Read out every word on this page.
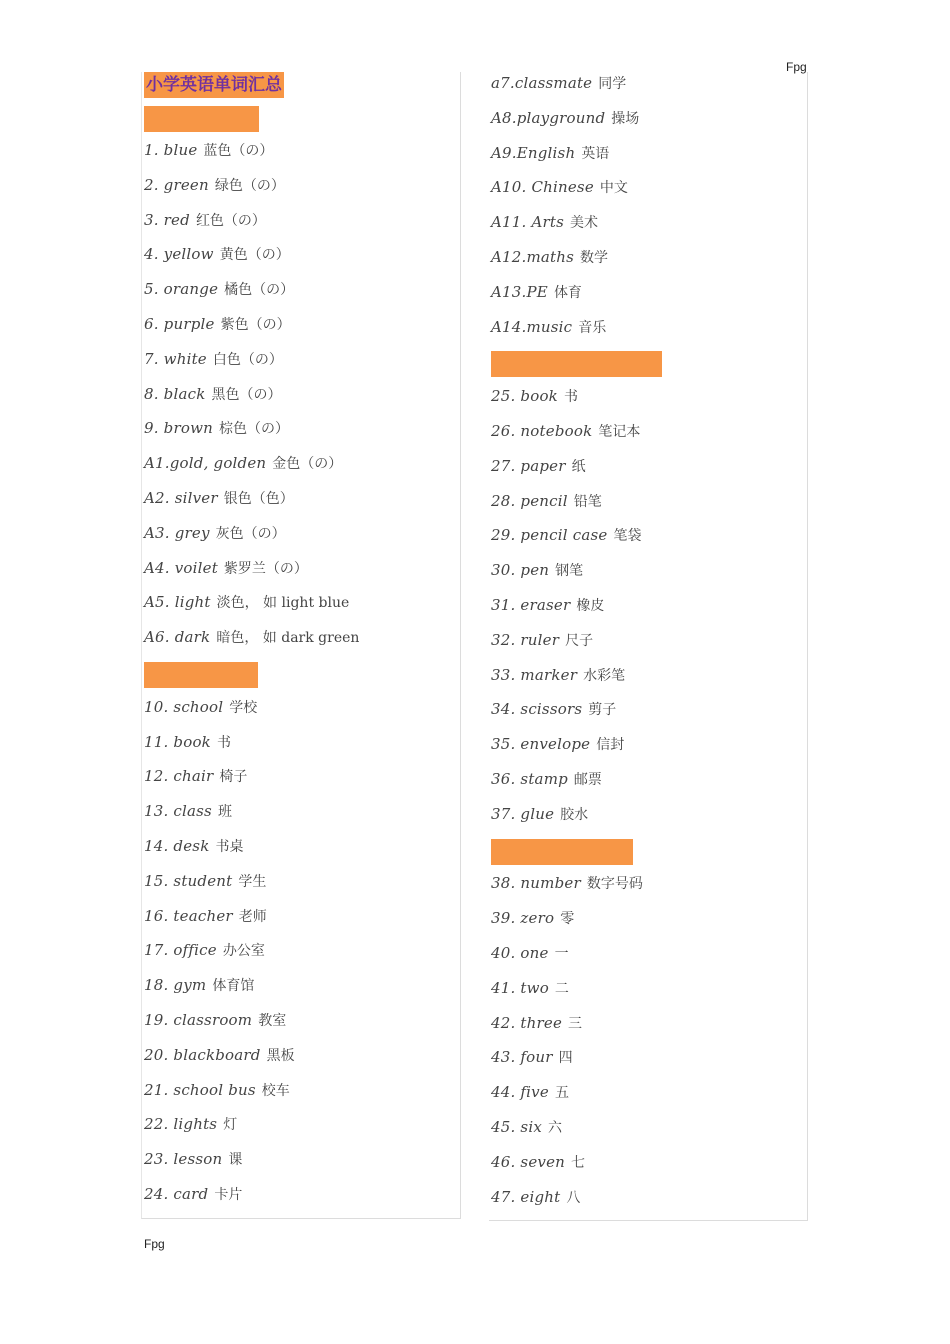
Fpg
小学英语单词汇总
1. blue 蓝色（の）
2. green 绿色（の）
3. red 红色（の）
4. yellow 黄色（の）
5. orange 橘色（の）
6. purple 紫色（の）
7. white 白色（の）
8. black 黑色（の）
9. brown 棕色（の）
A1.gold, golden 金色（の）
A2. silver 银色（色）
A3. grey 灰色（の）
A4. voilet 紫罗兰（の）
A5. light 淡色， 如 light blue
A6. dark 暗色， 如 dark green
10. school 学校
11. book 书
12. chair 椅子
13. class 班
14. desk 书桌
15. student 学生
16. teacher 老师
17. office 办公室
18. gym 体育馆
19. classroom 教室
20. blackboard 黑板
21. school bus 校车
22. lights 灯
23. lesson 课
24. card 卡片
a7.classmate 同学
A8.playground 操场
A9.English 英语
A10. Chinese 中文
A11. Arts 美术
A12.maths 数学
A13.PE 体育
A14.music 音乐
25. book 书
26. notebook 笔记本
27. paper 纸
28. pencil 铅笔
29. pencil case 笔袋
30. pen 钢笔
31. eraser 橡皮
32. ruler 尺子
33. marker 水彩笔
34. scissors 剪子
35. envelope 信封
36. stamp 邮票
37. glue 胶水
38. number 数字号码
39. zero 零
40. one 一
41. two 二
42. three 三
43. four 四
44. five 五
45. six 六
46. seven 七
47. eight 八
Fpg
